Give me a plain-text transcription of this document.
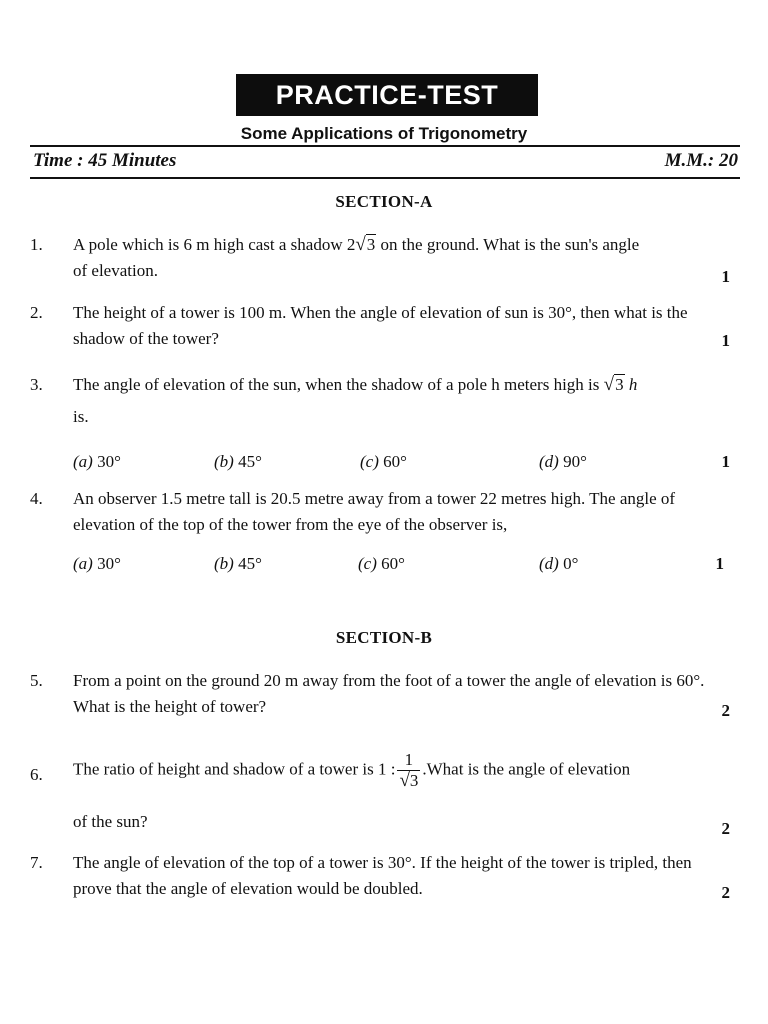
PRACTICE-TEST
Some Applications of Trigonometry
Time : 45 Minutes	M.M.: 20
SECTION-A
1.	A pole which is 6 m high cast a shadow 2√3 on the ground. What is the sun's angle
of elevation.	1
2.	The height of a tower is 100 m. When the angle of elevation of sun is 30°, then what is the shadow of the tower?	1
3.	The angle of elevation of the sun, when the shadow of a pole h meters high is √3 h
is.
(a) 30°	(b) 45°	(c) 60°	(d) 90°	1
4.	An observer 1.5 metre tall is 20.5 metre away from a tower 22 metres high. The angle of elevation of the top of the tower from the eye of the observer is,
(a) 30°	(b) 45°	(c) 60°	(d) 0°	1
SECTION-B
5.	From a point on the ground 20 m away from the foot of a tower the angle of elevation is 60°. What is the height of tower?	2
6.	The ratio of height and shadow of a tower is 1 : $\frac{1}{√3}$ .What is the angle of elevation
of the sun?	2
7.	The angle of elevation of the top of a tower is 30°. If the height of the tower is tripled, then prove that the angle of elevation would be doubled.	2
